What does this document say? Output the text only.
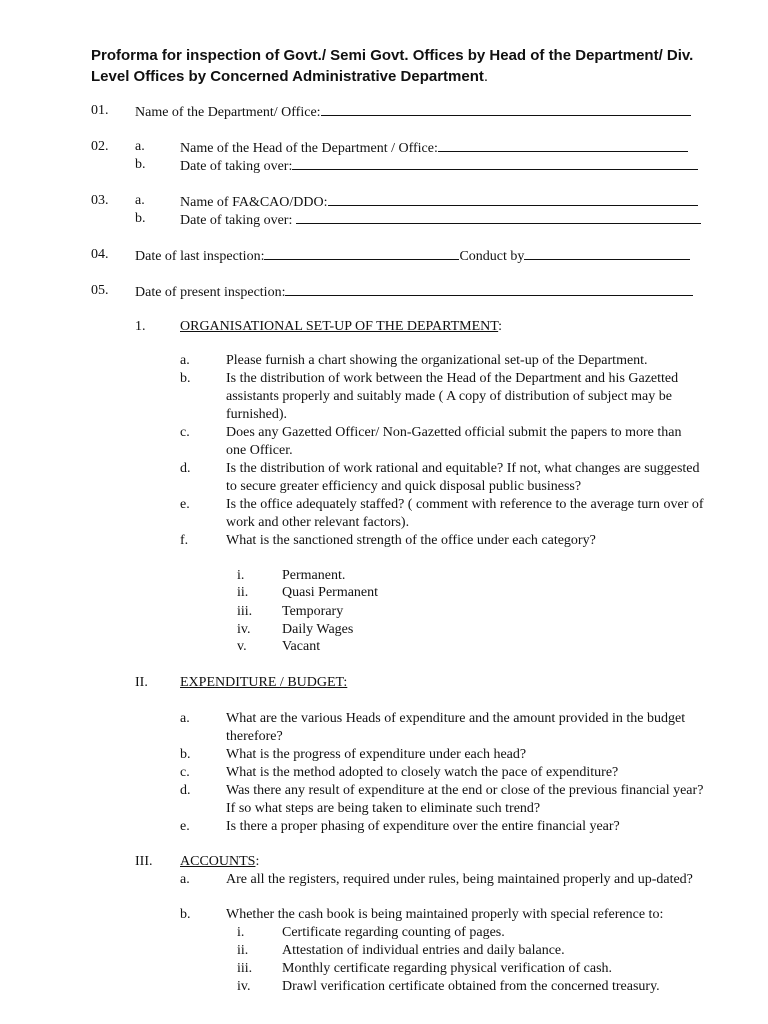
Proforma for inspection of Govt./ Semi Govt. Offices by Head of the Department/ Div. Level Offices by Concerned Administrative Department.
01. Name of the Department/ Office:
02. a.	Name of the Head of the Department / Office:
b. Date of taking over:
03. a.	Name of FA&CAO/DDO:
b. Date of taking over:
04. Date of last inspection:	Conduct by
05. Date of present inspection:
1. ORGANISATIONAL SET-UP OF THE DEPARTMENT:
a.	Please furnish a chart showing the organizational set-up of the Department.
b.	Is the distribution of work between the Head of the Department and his Gazetted assistants properly and suitably made ( A copy of distribution of subject may be furnished).
c.	Does any Gazetted Officer/ Non-Gazetted official submit the papers to more than one Officer.
d.	Is the distribution of work rational and equitable? If not, what changes are suggested to secure greater efficiency and quick disposal public business?
e.	Is the office adequately staffed? ( comment with reference to the average turn over of work and other relevant factors).
f.	What is the sanctioned strength of the office under each category?
i.	Permanent.
ii. Quasi Permanent
iii. Temporary
iv. Daily Wages
v.	Vacant
II. EXPENDITURE / BUDGET:
a.	What are the various Heads of expenditure and the amount provided in the budget therefore?
b.	What is the progress of expenditure under each head?
c.	What is the method adopted to closely watch the pace of expenditure?
d.	Was there any result of expenditure at the end or close of the previous financial year? If so what steps are being taken to eliminate such trend?
e.	Is there a proper phasing of expenditure over the entire financial year?
III. ACCOUNTS:
a.	Are all the registers, required under rules, being maintained properly and up-dated?
b.	Whether the cash book is being maintained properly with special reference to:
i.	Certificate regarding counting of pages.
ii. Attestation of individual entries and daily balance.
iii. Monthly certificate regarding physical verification of cash.
iv. Drawl verification certificate obtained from the concerned treasury.
